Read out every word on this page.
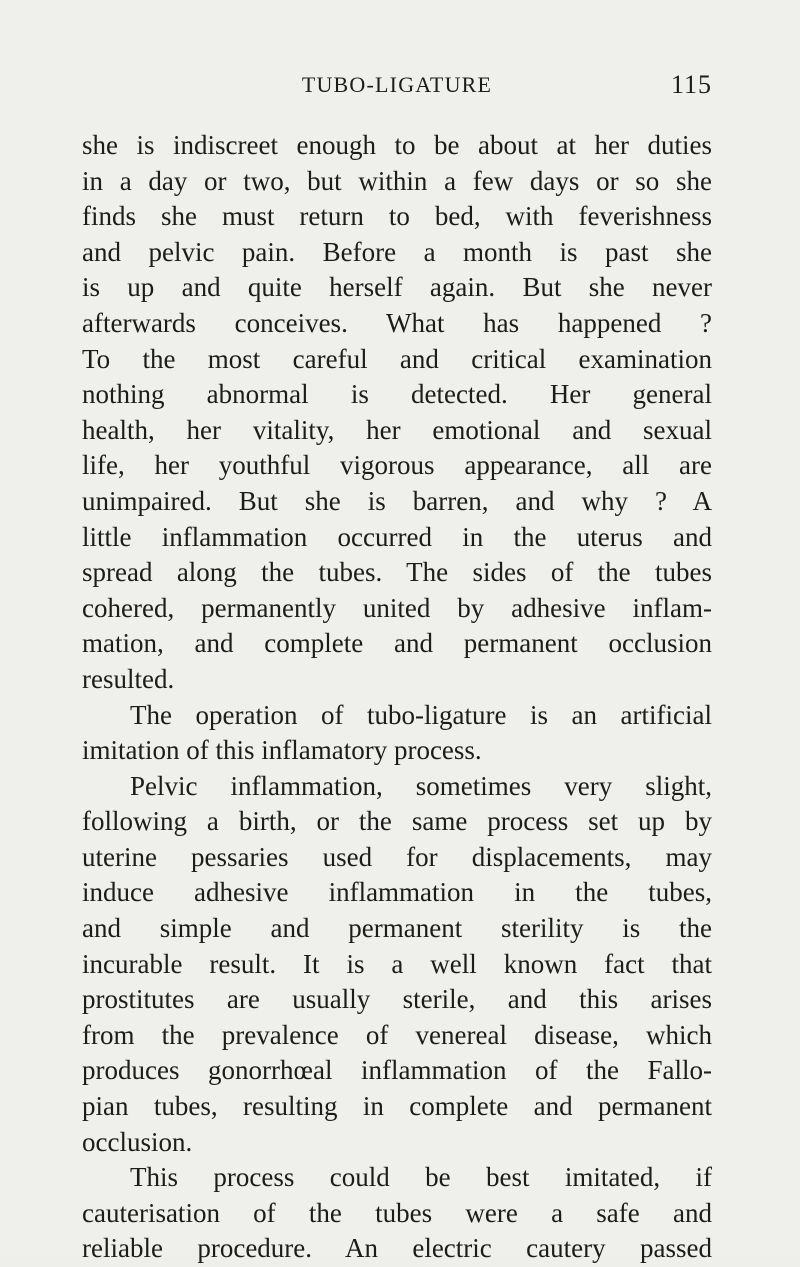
TUBO-LIGATURE	115
she is indiscreet enough to be about at her duties
in a day or two, but within a few days or so she
finds she must return to bed, with feverishness
and pelvic pain. Before a month is past she
is up and quite herself again. But she never
afterwards conceives. What has happened ?
To the most careful and critical examination
nothing abnormal is detected. Her general
health, her vitality, her emotional and sexual
life, her youthful vigorous appearance, all are
unimpaired. But she is barren, and why ? A
little inflammation occurred in the uterus and
spread along the tubes. The sides of the tubes
cohered, permanently united by adhesive inflam-
mation, and complete and permanent occlusion
resulted.
The operation of tubo-ligature is an artificial
imitation of this inflamatory process.
Pelvic inflammation, sometimes very slight,
following a birth, or the same process set up by
uterine pessaries used for displacements, may
induce adhesive inflammation in the tubes,
and simple and permanent sterility is the
incurable result. It is a well known fact that
prostitutes are usually sterile, and this arises
from the prevalence of venereal disease, which
produces gonorrhœal inflammation of the Fallo-
pian tubes, resulting in complete and permanent
occlusion.
This process could be best imitated, if
cauterisation of the tubes were a safe and
reliable procedure. An electric cautery passed
